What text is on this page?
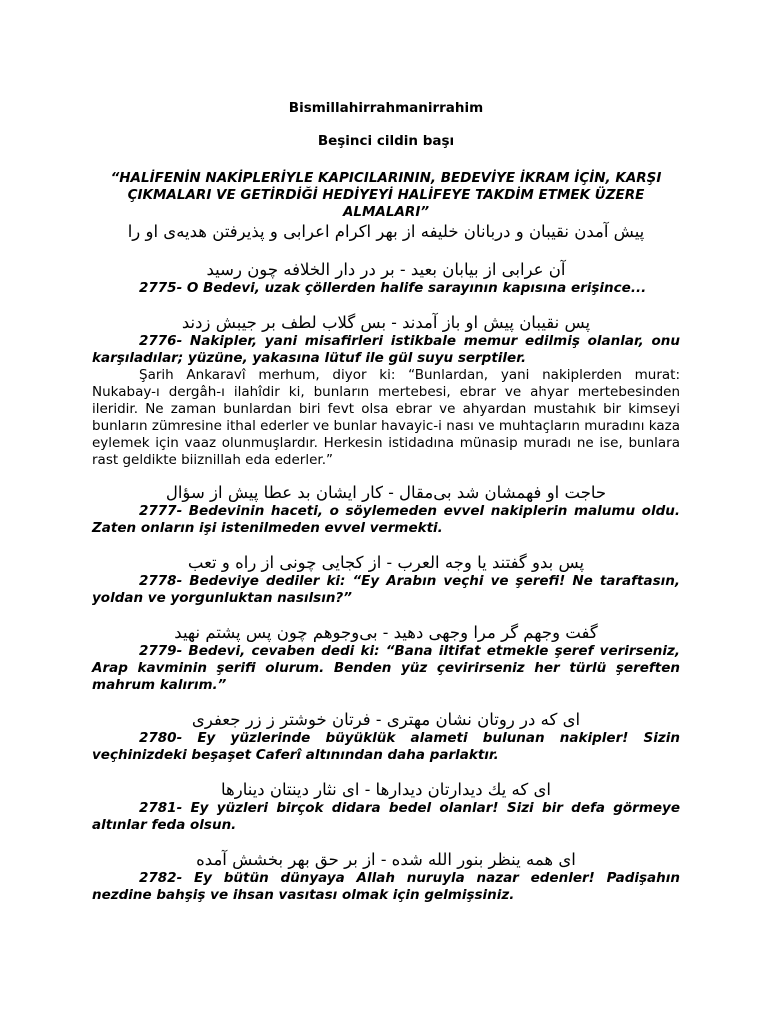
Bismillahirrahmanirrahim

Beşinci cildin başı

“HALİFENİN NAKİPLERİYLE KAPICILARININ, BEDEVİYE İKRAM İÇİN, KARŞI
ÇIKMALARI VE GETİRDİĞİ HEDİYEYİ HALİFEYE TAKDİM ETMEK ÜZERE ALMALARI”

پیش آمدن نقیبان و دربانان خلیفه از بهر اکرام اعرابی و پذیرفتن هدیه‌ی او را

آن عرابی از بیابان بعید - بر در دار الخلافه چون رسید

2775- O Bedevi, uzak çöllerden halife sarayının kapısına erişince...

پس نقیبان پیش او باز آمدند - بس گلاب لطف بر جیبش زدند

2776- Nakipler, yani misafirleri istikbale memur edilmiş olanlar, onu karşıladılar; yüzüne, yakasına lütuf ile gül suyu serptiler.

Şarih Ankaravî merhum, diyor ki: “Bunlardan, yani nakiplerden murat: Nukabay-ı dergâh-ı ilahîdir ki, bunların mertebesi, ebrar ve ahyar mertebesinden ileridir. Ne zaman bunlardan biri fevt olsa ebrar ve ahyardan mustahık bir kimseyi bunların zümresine ithal ederler ve bunlar havayic-i nası ve muhtaçların muradını kaza eylemek için vaaz olunmuşlardır. Herkesin istidadına münasip muradı ne ise, bunlara rast geldikte biiznillah eda ederler.”

حاجت او فهمشان شد بی‌مقال - کار ایشان بد عطا پیش از سؤال

2777- Bedevinin haceti, o söylemeden evvel nakiplerin malumu oldu. Zaten onların işi istenilmeden evvel vermekti.

پس بدو گفتند یا وجه العرب - از کجایی چونی از راه و تعب

2778- Bedeviye dediler ki: “Ey Arabın veçhi ve şerefi! Ne taraftasın, yoldan ve yorgunluktan nasılsın?”

گفت وجهم گر مرا وجهی دهید - بی‌وجوهم چون پس پشتم نهید

2779- Bedevi, cevaben dedi ki: “Bana iltifat etmekle şeref verirseniz, Arap kavminin şerifi olurum. Benden yüz çevirirseniz her türlü şereften mahrum kalırım.”

ای که در روتان نشان مهتری - فرتان خوشتر ز زر جعفری

2780- Ey yüzlerinde büyüklük alameti bulunan nakipler! Sizin veçhinizdeki beşaşet Caferî altınından daha parlaktır.

ای که یك دیدارتان دیدارها - ای نثار دینتان دینارها

2781- Ey yüzleri birçok didara bedel olanlar! Sizi bir defa görmeye altınlar feda olsun.

ای همه ینظر بنور الله شده - از بر حق بهر بخشش آمده

2782- Ey bütün dünyaya Allah nuruyla nazar edenler! Padişahın nezdine bahşiş ve ihsan vasıtası olmak için gelmişsiniz.
